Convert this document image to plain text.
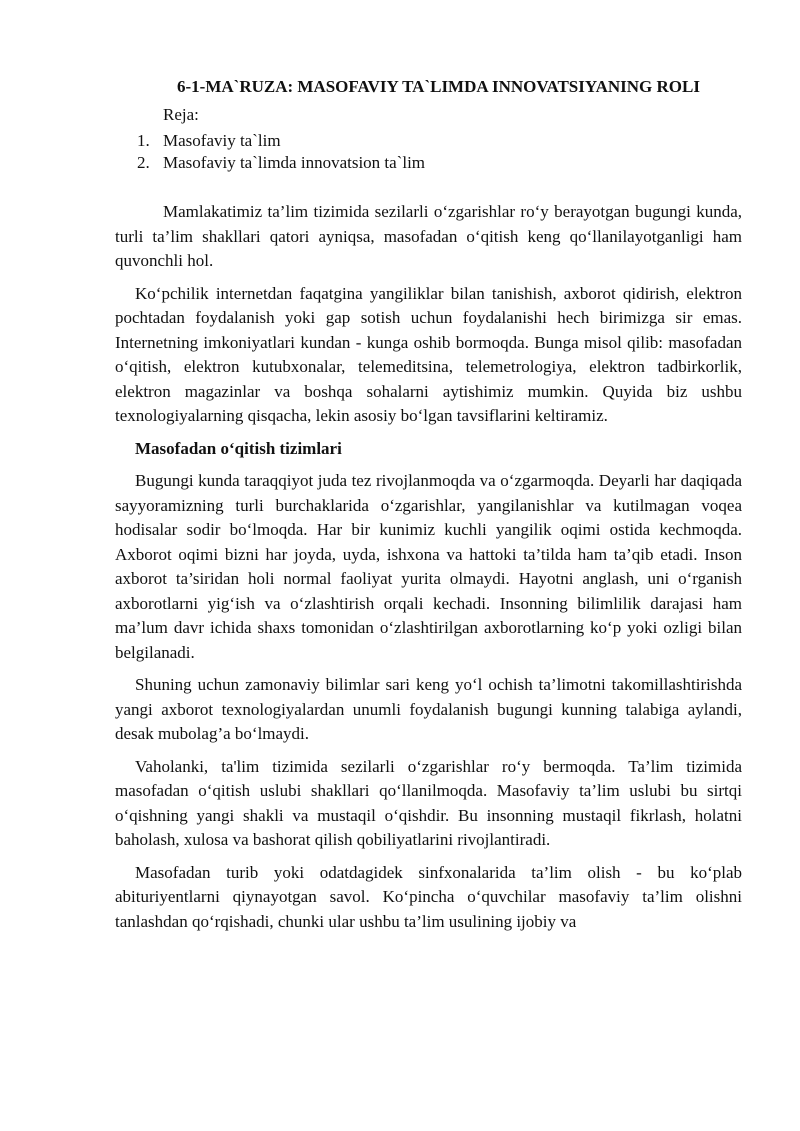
6-1-MA`RUZA: MASOFAVIY TA`LIMDA INNOVATSIYANING ROLI
Reja:
1. Masofaviy ta`lim
2. Masofaviy ta`limda innovatsion ta`lim

Mamlakatimiz ta’lim tizimida sezilarli o‘zgarishlar ro‘y berayotgan bugungi kunda, turli ta’lim shakllari qatori ayniqsa, masofadan o‘qitish keng qo‘llanilayotganligi ham quvonchli hol.

Ko‘pchilik internetdan faqatgina yangiliklar bilan tanishish, axborot qidirish, elektron pochtadan foydalanish yoki gap sotish uchun foydalanishi hech birimizga sir emas. Internetning imkoniyatlari kundan - kunga oshib bormoqda. Bunga misol qilib: masofadan o‘qitish, elektron kutubxonalar, telemeditsina, telemetrologiya, elektron tadbirkorlik, elektron magazinlar va boshqa sohalarni aytishimiz mumkin. Quyida biz ushbu texnologiyalarning qisqacha, lekin asosiy bo‘lgan tavsiflarini keltiramiz.

Masofadan o‘qitish tizimlari

Bugungi kunda taraqqiyot juda tez rivojlanmoqda va o‘zgarmoqda. Deyarli har daqiqada sayyoramizning turli burchaklarida o‘zgarishlar, yangilanishlar va kutilmagan voqea hodisalar sodir bo‘lmoqda. Har bir kunimiz kuchli yangilik oqimi ostida kechmoqda. Axborot oqimi bizni har joyda, uyda, ishxona va hattoki ta’tilda ham ta’qib etadi. Inson axborot ta’siridan holi normal faoliyat yurita olmaydi. Hayotni anglash, uni o‘rganish axborotlarni yig‘ish va o‘zlashtirish orqali kechadi. Insonning bilimlilik darajasi ham ma’lum davr ichida shaxs tomonidan o‘zlashtirilgan axborotlarning ko‘p yoki ozligi bilan belgilanadi.

Shuning uchun zamonaviy bilimlar sari keng yo‘l ochish ta’limotni takomillashtirishda yangi axborot texnologiyalardan unumli foydalanish bugungi kunning talabiga aylandi, desak mubolag’a bo‘lmaydi.

Vaholanki, ta'lim tizimida sezilarli o‘zgarishlar ro‘y bermoqda. Ta’lim tizimida masofadan o‘qitish uslubi shakllari qo‘llanilmoqda. Masofaviy ta’lim uslubi bu sirtqi o‘qishning yangi shakli va mustaqil o‘qishdir. Bu insonning mustaqil fikrlash, holatni baholash, xulosa va bashorat qilish qobiliyatlarini rivojlantiradi.

Masofadan turib yoki odatdagidek sinfxonalarida ta’lim olish - bu ko‘plab abituriyentlarni qiynayotgan savol. Ko‘pincha o‘quvchilar masofaviy ta’lim olishni tanlashdan qo‘rqishadi, chunki ular ushbu ta’lim usulining ijobiy va
